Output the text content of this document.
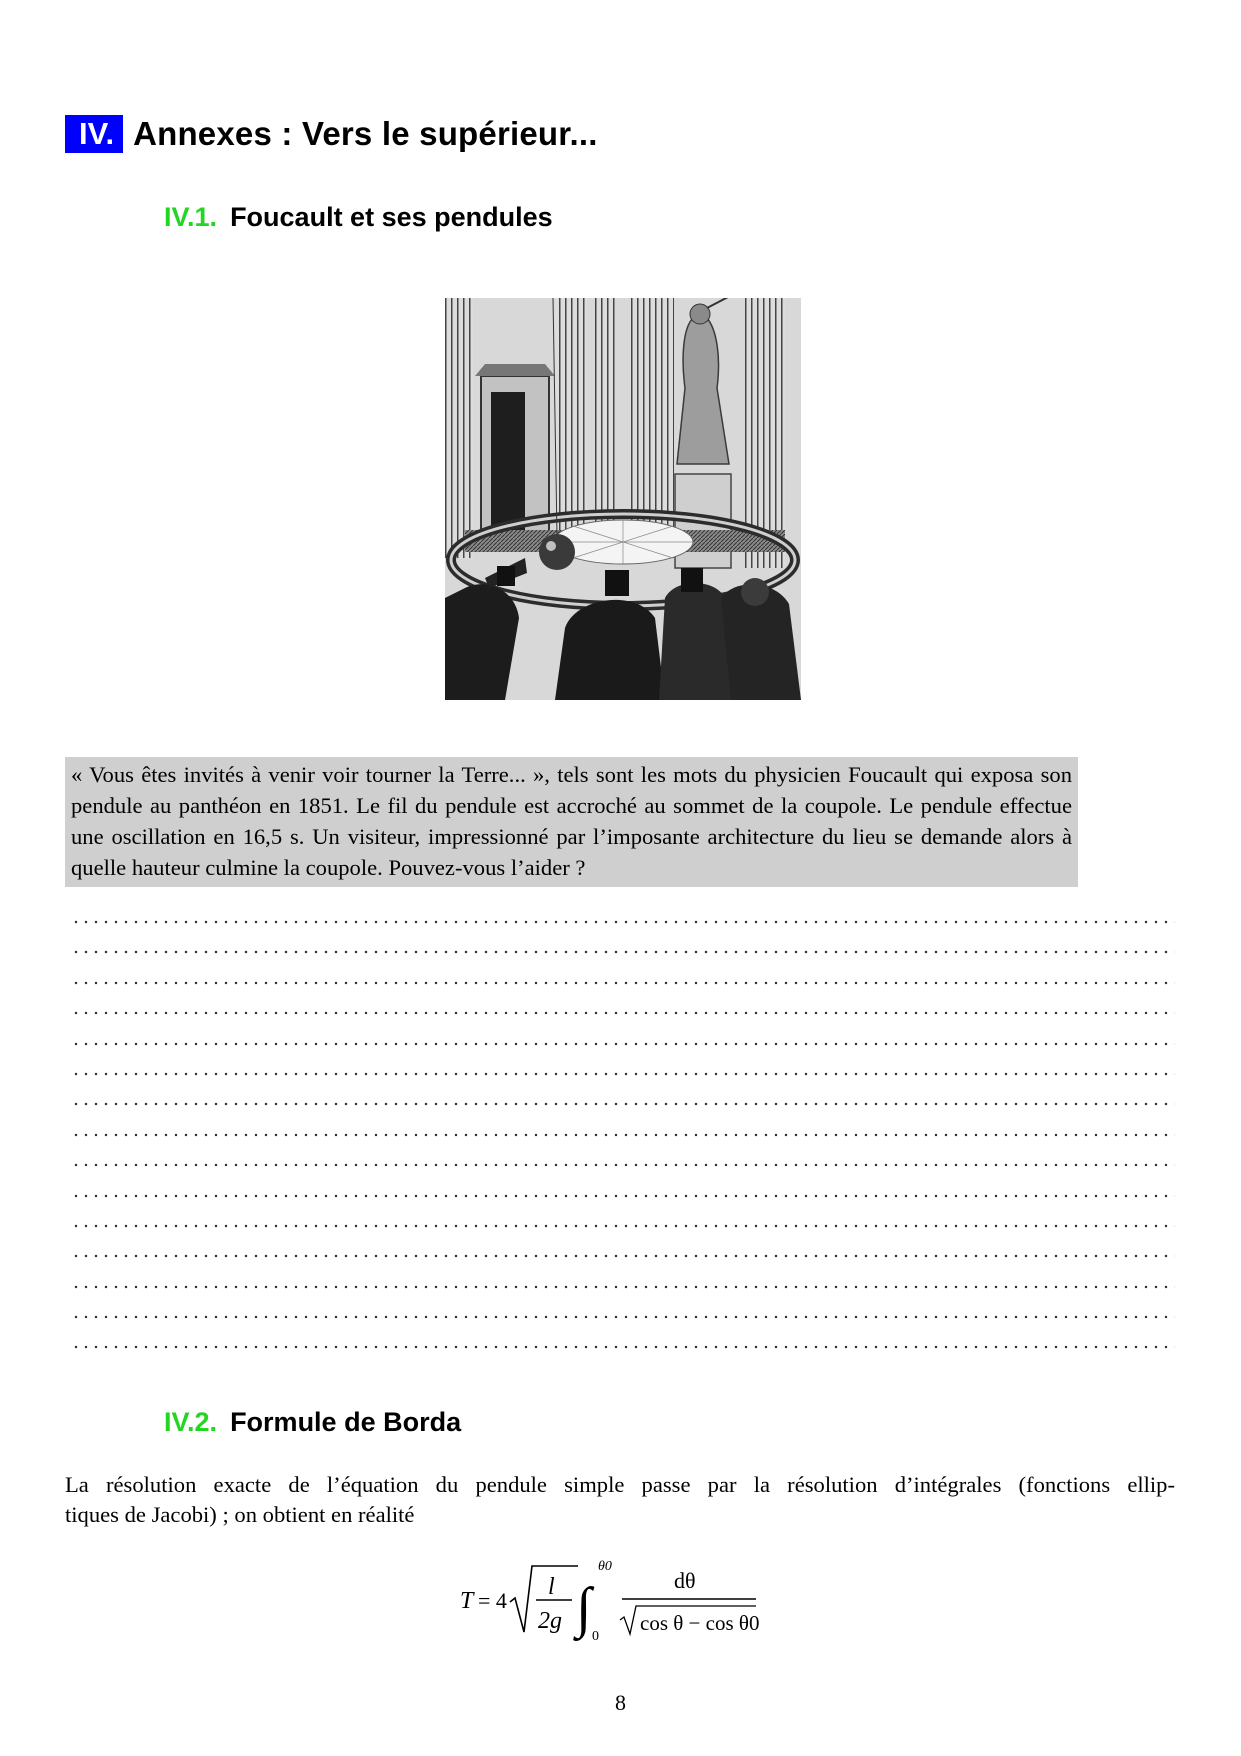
IV. Annexes : Vers le supérieur...
IV.1. Foucault et ses pendules
« Vous êtes invités à venir voir tourner la Terre... », tels sont les mots du physicien Foucault qui exposa son pendule au panthéon en 1851. Le fil du pendule est accroché au sommet de la coupole. Le pendule effectue une oscillation en 16,5 s. Un visiteur, impressionné par l’imposante architecture du lieu se demande alors à quelle hauteur culmine la coupole. Pouvez-vous l’aider ?
IV.2. Formule de Borda
La résolution exacte de l’équation du pendule simple passe par la résolution d’intégrales (fonctions ellip-
tiques de Jacobi) ; on obtient en réalité
T = 4
l
2g ∫
θ0
0
dθ
cos θ − cos θ0
8
